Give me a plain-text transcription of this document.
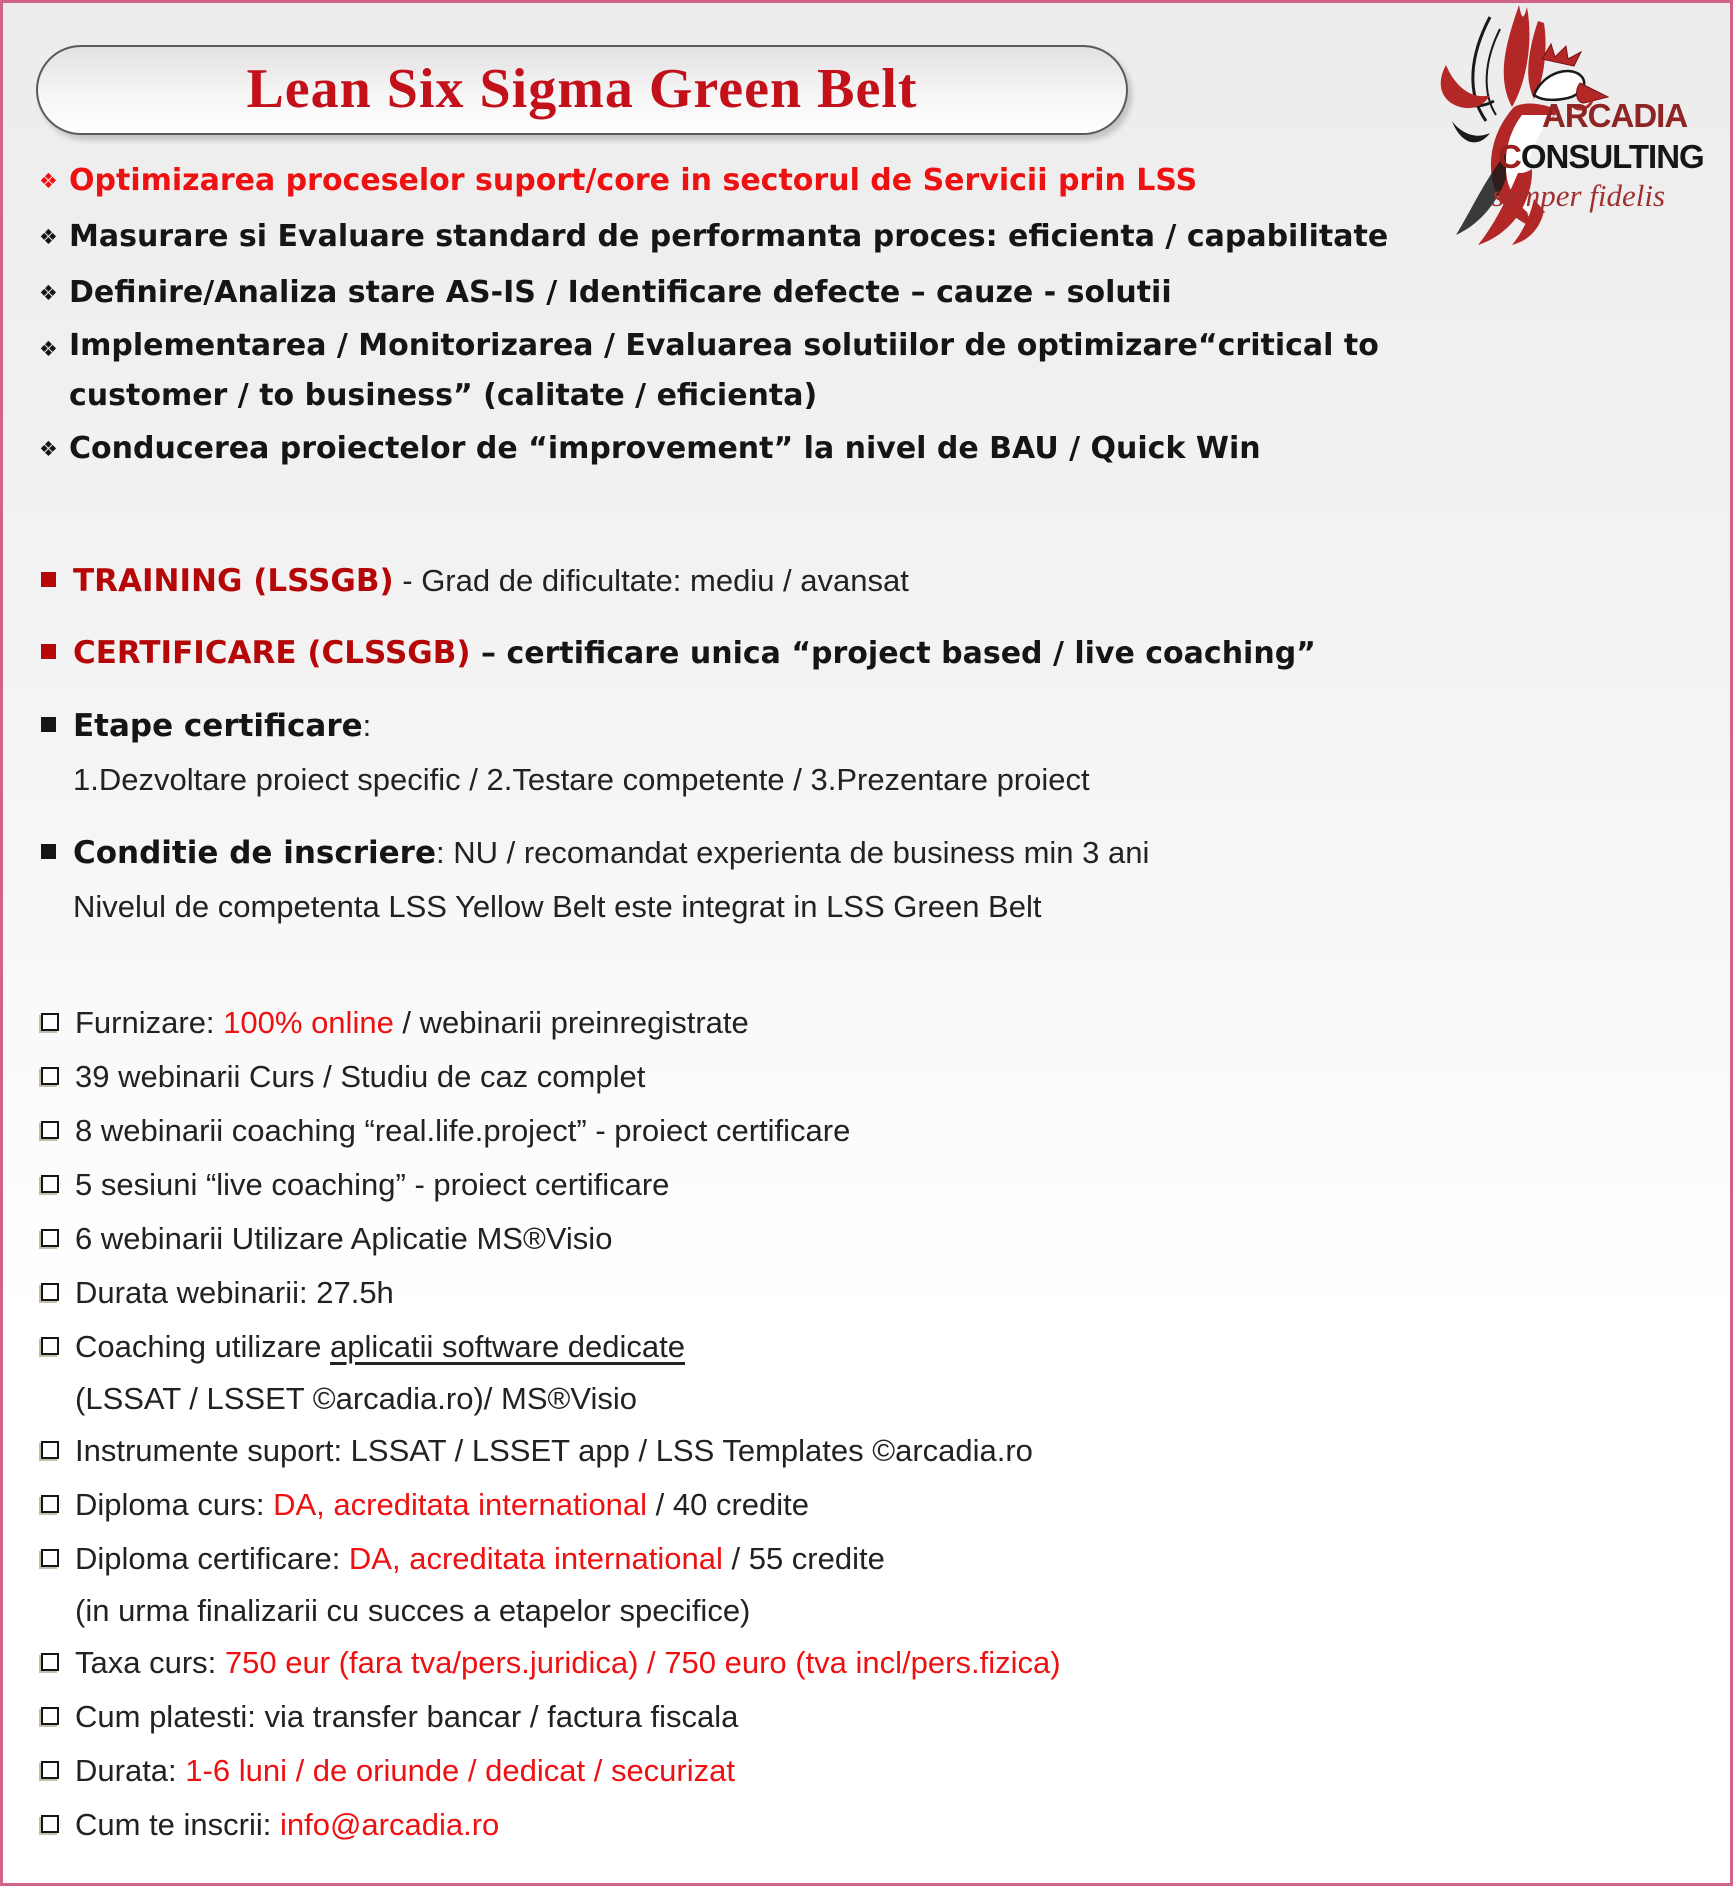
Lean Six Sigma Green Belt	ARCADIA
CONSULTING
semper fidelis
❖ Optimizarea proceselor suport/core in sectorul de Servicii prin LSS
❖ Masurare si Evaluare standard de performanta proces: eficienta / capabilitate
❖ Definire/Analiza stare AS-IS / Identificare defecte – cauze - solutii
❖ Implementarea / Monitorizarea / Evaluarea solutiilor de optimizare“critical to
customer / to business” (calitate / eficienta)
❖ Conducerea proiectelor de “improvement” la nivel de BAU / Quick Win
TRAINING (LSSGB) - Grad de dificultate: mediu / avansat
CERTIFICARE (CLSSGB) – certificare unica “project based / live coaching”
Etape certificare:
1.Dezvoltare proiect specific / 2.Testare competente / 3.Prezentare proiect
Conditie de inscriere: NU / recomandat experienta de business min 3 ani
Nivelul de competenta LSS Yellow Belt este integrat in LSS Green Belt
Furnizare: 100% online / webinarii preinregistrate
39 webinarii Curs / Studiu de caz complet
8 webinarii coaching “real.life.project” - proiect certificare
5 sesiuni “live coaching” - proiect certificare
6 webinarii Utilizare Aplicatie MS®Visio
Durata webinarii: 27.5h
Coaching utilizare aplicatii software dedicate
(LSSAT / LSSET ©arcadia.ro)/ MS®Visio
Instrumente suport: LSSAT / LSSET app / LSS Templates ©arcadia.ro
Diploma curs: DA, acreditata international / 40 credite
Diploma certificare: DA, acreditata international / 55 credite
(in urma finalizarii cu succes a etapelor specifice)
Taxa curs: 750 eur (fara tva/pers.juridica) / 750 euro (tva incl/pers.fizica)
Cum platesti: via transfer bancar / factura fiscala
Durata: 1-6 luni / de oriunde / dedicat / securizat
Cum te inscrii: info@arcadia.ro
